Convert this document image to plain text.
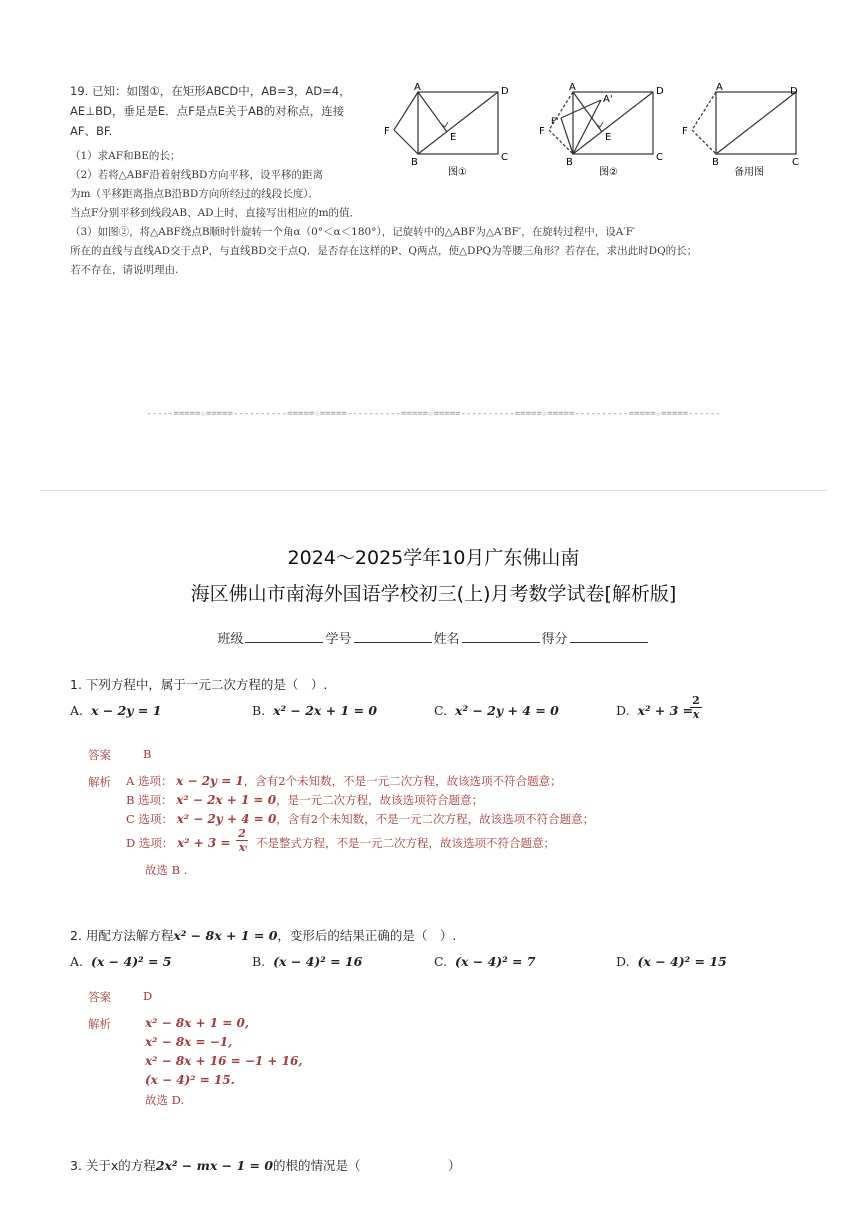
19. 已知：如图①，在矩形ABCD中，AB=3，AD=4，
AE⊥BD，垂足是E．点F是点E关于AB的对称点，连接
AF、BF.
（1）求AF和BE的长；
（2）若将△ABF沿着射线BD方向平移，设平移的距离
为m（平移距离指点B沿BD方向所经过的线段长度）．
当点F分别平移到线段AB、AD上时，直接写出相应的m的值．
（3）如图②，将△ABF绕点B顺时针旋转一个角α（0°＜α＜180°），记旋转中的△ABF为△A′BF′，在旋转过程中，设A′F′
所在的直线与直线AD交于点P，与直线BD交于点Q．是否存在这样的P、Q两点，使△DPQ为等腰三角形？若存在，求出此时DQ的长；
若不存在，请说明理由.
A	D
F
E
B	C
图①
A
A'
D
F'
F
E
B	C
图②
A	D
F
B	C
备用图
-----=====☆=====----------=====☆=====----------=====☆=====----------=====☆=====----------=====☆=====------
2024～2025学年10月广东佛山南
海区佛山市南海外国语学校初三(上)月考数学试卷[解析版]
班级	学号	姓名	得分
1. 下列方程中，属于一元二次方程的是（　）.
A. x − 2y = 1	B. x² − 2x + 1 = 0	C. x² − 2y + 4 = 0	D. x² + 3 =
$\frac{2}{x}$
答案	B
解析 A 选项： x − 2y = 1，含有2个未知数，不是一元二次方程，故该选项不符合题意；
B 选项： x² − 2x + 1 = 0，是一元二次方程，故该选项符合题意；
C 选项： x² − 2y + 4 = 0，含有2个未知数，不是一元二次方程，故该选项不符合题意；
D 选项： x² + 3 = ，不是整式方程，不是一元二次方程，故该选项不符合题意；
$\frac{2}{x}$
故选 B .
2. 用配方法解方程x² − 8x + 1 = 0，变形后的结果正确的是（　）.
A. (x − 4)² = 5	B. (x − 4)² = 16	C. (x − 4)² = 7	D. (x − 4)² = 15
答案	D
解析	x² − 8x + 1 = 0,
x² − 8x = −1,
x² − 8x + 16 = −1 + 16,
(x − 4)² = 15.
故选 D.
3. 关于x的方程2x² − mx − 1 = 0的根的情况是（　　　　　　　）
